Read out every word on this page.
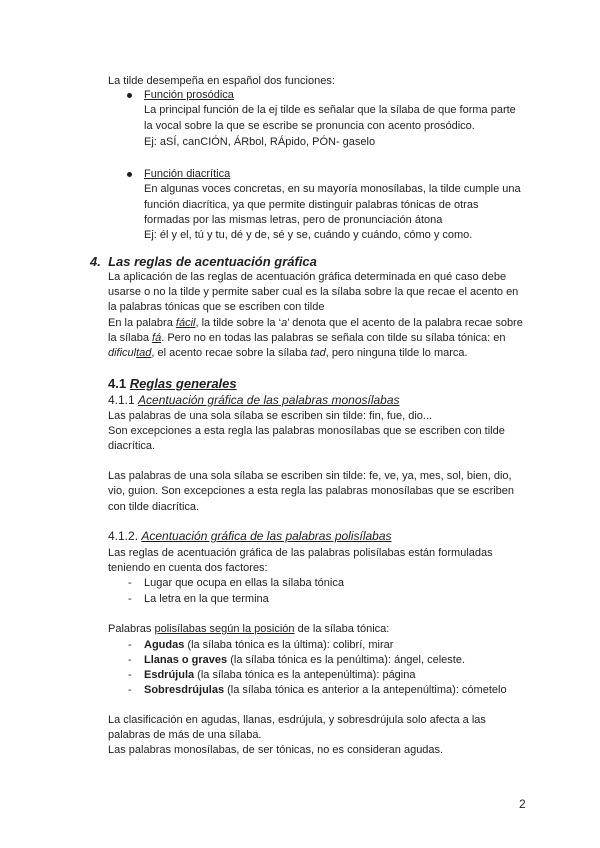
La tilde desempeña en español dos funciones:
Función prosódica
La principal función de la ej tilde es señalar que la sílaba de que forma parte
la vocal sobre la que se escribe se pronuncia con acento prosódico.
Ej: aSÍ, canCIÓN, ÁRbol, RÁpido, PÓN- gaselo
Función diacrítica
En algunas voces concretas, en su mayoría monosílabas, la tilde cumple una
función diacrítica, ya que permite distinguir palabras tónicas de otras
formadas por las mismas letras, pero de pronunciación átona
Ej: él y el, tú y tu, dé y de, sé y se, cuándo y cuándo, cómo y como.
4. Las reglas de acentuación gráfica
La aplicación de las reglas de acentuación gráfica determinada en qué caso debe
usarse o no la tilde y permite saber cual es la sílaba sobre la que recae el acento en
la palabras tónicas que se escriben con tilde
En la palabra fácil, la tilde sobre la ‘a’ denota que el acento de la palabra recae sobre
la sílaba fá. Pero no en todas las palabras se señala con tilde su sílaba tónica: en
dificultad, el acento recae sobre la sílaba tad, pero ninguna tilde lo marca.
4.1 Reglas generales
4.1.1 Acentuación gráfica de las palabras monosílabas
Las palabras de una sola sílaba se escriben sin tilde: fin, fue, dio...
Son excepciones a esta regla las palabras monosílabas que se escriben con tilde
diacrítica.
Las palabras de una sola sílaba se escriben sin tilde: fe, ve, ya, mes, sol, bien, dio,
vio, guion. Son excepciones a esta regla las palabras monosílabas que se escriben
con tilde diacrítica.
4.1.2. Acentuación gráfica de las palabras polisílabas
Las reglas de acentuación gráfica de las palabras polisílabas están formuladas
teniendo en cuenta dos factores:
- Lugar que ocupa en ellas la sílaba tónica
- La letra en la que termina
Palabras polisílabas según la posición de la sílaba tónica:
- Agudas (la sílaba tónica es la última): colibrí, mirar
- Llanas o graves (la sílaba tónica es la penúltima): ángel, celeste.
- Esdrújula (la sílaba tónica es la antepenúltima): página
- Sobresdrújulas (la sílaba tónica es anterior a la antepenúltima): cómetelo
La clasificación en agudas, llanas, esdrújula, y sobresdrújula solo afecta a las
palabras de más de una sílaba.
Las palabras monosílabas, de ser tónicas, no es consideran agudas.
2
